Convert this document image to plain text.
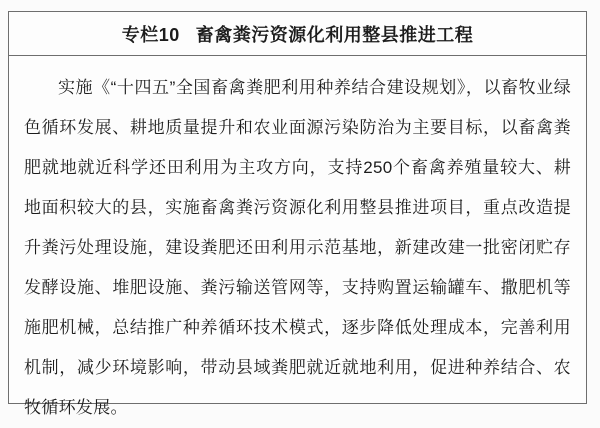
专栏10 畜禽粪污资源化利用整县推进工程

实施《“十四五”全国畜禽粪肥利用种养结合建设规划》，以畜牧业绿色循环发展、耕地质量提升和农业面源污染防治为主要目标，以畜禽粪肥就地就近科学还田利用为主攻方向，支持250个畜禽养殖量较大、耕地面积较大的县，实施畜禽粪污资源化利用整县推进项目，重点改造提升粪污处理设施，建设粪肥还田利用示范基地，新建改建一批密闭贮存发酵设施、堆肥设施、粪污输送管网等，支持购置运输罐车、撒肥机等施肥机械，总结推广种养循环技术模式，逐步降低处理成本，完善利用机制，减少环境影响，带动县域粪肥就近就地利用，促进种养结合、农牧循环发展。
